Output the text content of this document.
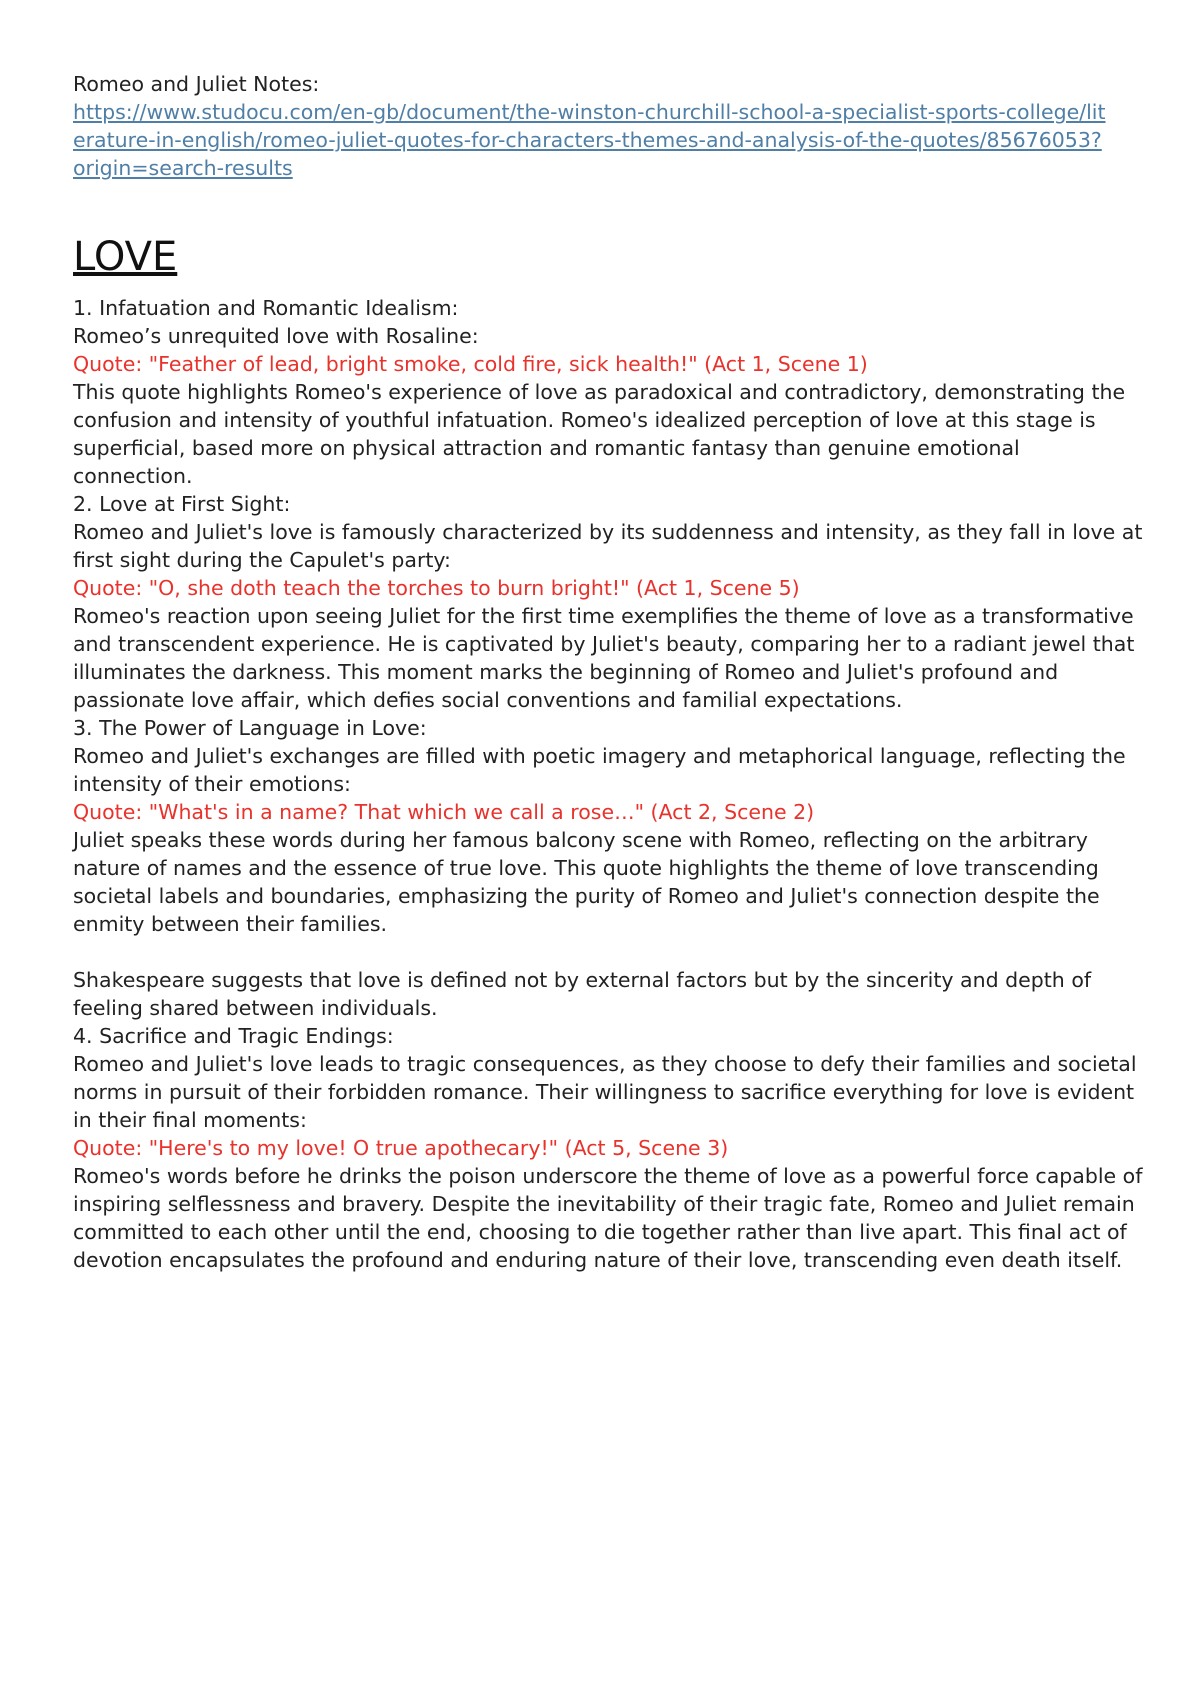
Romeo and Juliet Notes:

https://www.studocu.com/en-gb/document/the-winston-churchill-school-a-specialist-sports-college/literature-in-english/romeo-juliet-quotes-for-characters-themes-and-analysis-of-the-quotes/85676053?origin=search-results
LOVE

1. Infatuation and Romantic Idealism:

Romeo’s unrequited love with Rosaline:

Quote: "Feather of lead, bright smoke, cold fire, sick health!" (Act 1, Scene 1)

This quote highlights Romeo's experience of love as paradoxical and contradictory, demonstrating the confusion and intensity of youthful infatuation. Romeo's idealized perception of love at this stage is superficial, based more on physical attraction and romantic fantasy than genuine emotional connection.

2. Love at First Sight:

Romeo and Juliet's love is famously characterized by its suddenness and intensity, as they fall in love at first sight during the Capulet's party:

Quote: "O, she doth teach the torches to burn bright!" (Act 1, Scene 5)

Romeo's reaction upon seeing Juliet for the first time exemplifies the theme of love as a transformative and transcendent experience. He is captivated by Juliet's beauty, comparing her to a radiant jewel that illuminates the darkness. This moment marks the beginning of Romeo and Juliet's profound and passionate love affair, which defies social conventions and familial expectations.

3. The Power of Language in Love:

Romeo and Juliet's exchanges are filled with poetic imagery and metaphorical language, reflecting the intensity of their emotions:

Quote: "What's in a name? That which we call a rose…" (Act 2, Scene 2)

Juliet speaks these words during her famous balcony scene with Romeo, reflecting on the arbitrary nature of names and the essence of true love. This quote highlights the theme of love transcending societal labels and boundaries, emphasizing the purity of Romeo and Juliet's connection despite the enmity between their families.

Shakespeare suggests that love is defined not by external factors but by the sincerity and depth of feeling shared between individuals.

4. Sacrifice and Tragic Endings:

Romeo and Juliet's love leads to tragic consequences, as they choose to defy their families and societal norms in pursuit of their forbidden romance. Their willingness to sacrifice everything for love is evident in their final moments:

Quote: "Here's to my love! O true apothecary!" (Act 5, Scene 3)

Romeo's words before he drinks the poison underscore the theme of love as a powerful force capable of inspiring selflessness and bravery. Despite the inevitability of their tragic fate, Romeo and Juliet remain committed to each other until the end, choosing to die together rather than live apart. This final act of devotion encapsulates the profound and enduring nature of their love, transcending even death itself.
